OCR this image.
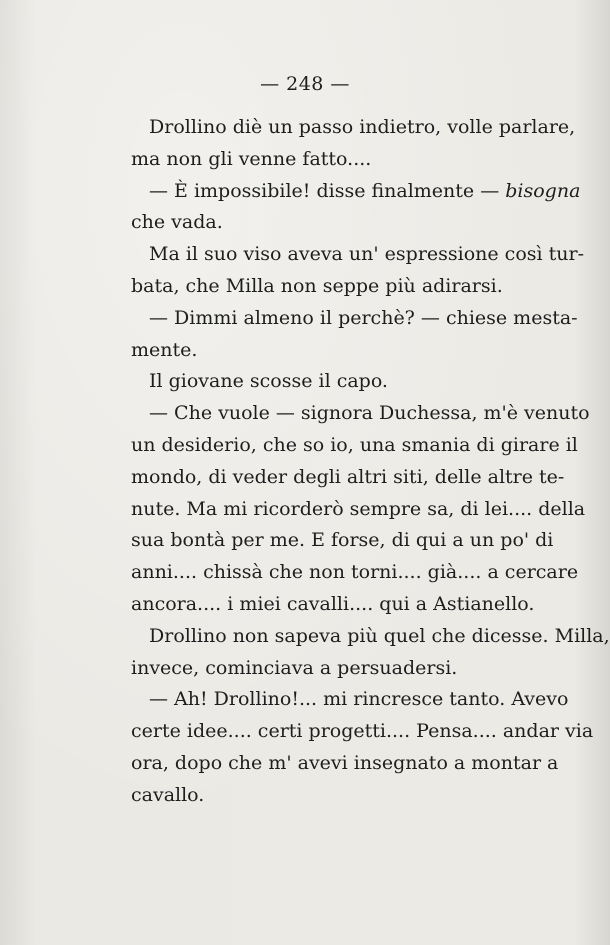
— 248 —
Drollino diè un passo indietro, volle parlare,
ma non gli venne fatto....
— È impossibile! disse finalmente — bisogna
che vada.
Ma il suo viso aveva un' espressione così tur-
bata, che Milla non seppe più adirarsi.
— Dimmi almeno il perchè? — chiese mesta-
mente.
Il giovane scosse il capo.
— Che vuole — signora Duchessa, m'è venuto
un desiderio, che so io, una smania di girare il
mondo, di veder degli altri siti, delle altre te-
nute. Ma mi ricorderò sempre sa, di lei.... della
sua bontà per me. E forse, di qui a un po' di
anni.... chissà che non torni.... già.... a cercare
ancora.... i miei cavalli.... qui a Astianello.
Drollino non sapeva più quel che dicesse. Milla,
invece, cominciava a persuadersi.
— Ah! Drollino!... mi rincresce tanto. Avevo
certe idee.... certi progetti.... Pensa.... andar via
ora, dopo che m' avevi insegnato a montar a
cavallo.
